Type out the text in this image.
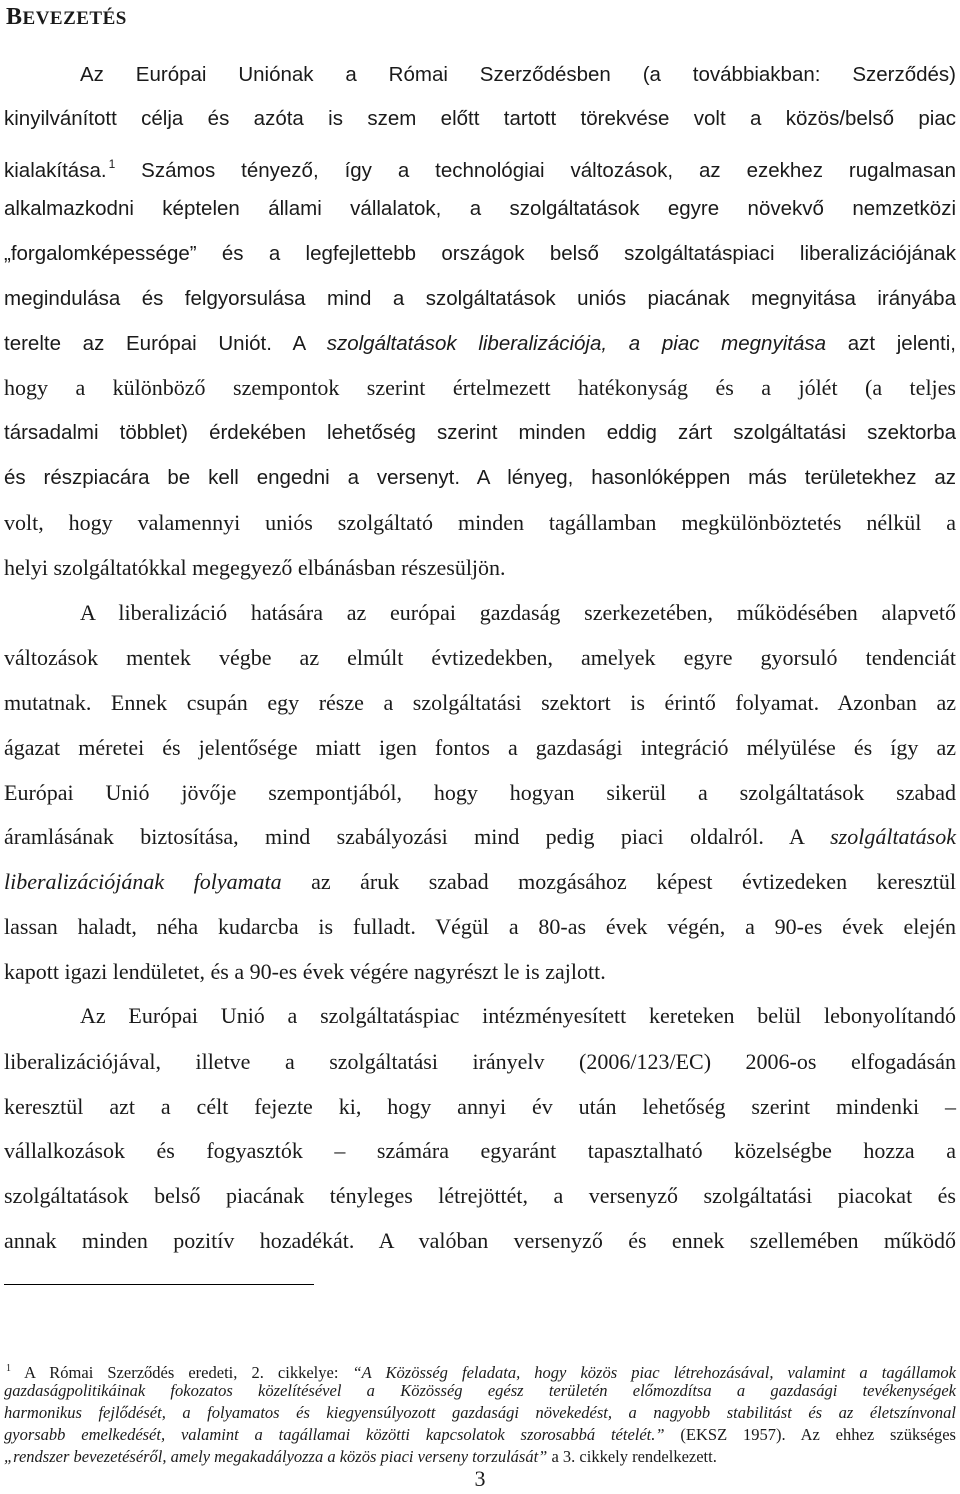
BEVEZETÉS
Az Európai Uniónak a Római Szerződésben (a továbbiakban: Szerződés)
kinyilvánított célja és azóta is szem előtt tartott törekvése volt a közös/belső piac
kialakítása. $^1$ Számos tényező, így a technológiai változások, az ezekhez rugalmasan
alkalmazkodni képtelen állami vállalatok, a szolgáltatások egyre növekvő nemzetközi
„forgalomképessége” és a legfejlettebb országok belső szolgáltatáspiaci liberalizációjának
megindulása és felgyorsulása mind a szolgáltatások uniós piacának megnyitása irányába
terelte az Európai Uniót. A szolgáltatások liberalizációja, a piac megnyitása azt jelenti,
hogy a különböző szempontok szerint értelmezett hatékonyság és a jólét (a teljes
társadalmi többlet) érdekében lehetőség szerint minden eddig zárt szolgáltatási szektorba
és részpiacára be kell engedni a versenyt. A lényeg, hasonlóképpen más területekhez az
volt, hogy valamennyi uniós szolgáltató minden tagállamban megkülönböztetés nélkül a
helyi szolgáltatókkal megegyező elbánásban részesüljön.
A liberalizáció hatására az európai gazdaság szerkezetében, működésében alapvető
változások mentek végbe az elmúlt évtizedekben, amelyek egyre gyorsuló tendenciát
mutatnak. Ennek csupán egy része a szolgáltatási szektort is érintő folyamat. Azonban az
ágazat méretei és jelentősége miatt igen fontos a gazdasági integráció mélyülése és így az
Európai Unió jövője szempontjából, hogy hogyan sikerül a szolgáltatások szabad
áramlásának biztosítása, mind szabályozási mind pedig piaci oldalról. A szolgáltatások
liberalizációjának folyamata az áruk szabad mozgásához képest évtizedeken keresztül
lassan haladt, néha kudarcba is fulladt. Végül a 80-as évek végén, a 90-es évek elején
kapott igazi lendületet, és a 90-es évek végére nagyrészt le is zajlott.
Az Európai Unió a szolgáltatáspiac intézményesített kereteken belül lebonyolítandó
liberalizációjával, illetve a szolgáltatási irányelv (2006/123/EC) 2006-os elfogadásán
keresztül azt a célt fejezte ki, hogy annyi év után lehetőség szerint mindenki –
vállalkozások és fogyasztók – számára egyaránt tapasztalható közelségbe hozza a
szolgáltatások belső piacának tényleges létrejöttét, a versenyző szolgáltatási piacokat és
annak minden pozitív hozadékát. A valóban versenyző és ennek szellemében működő
$^1$ A Római Szerződés eredeti, 2. cikkelye: “A Közösség feladata, hogy közös piac létrehozásával, valamint a tagállamok
gazdaságpolitikáinak fokozatos közelítésével a Közösség egész területén előmozdítsa a gazdasági tevékenységek
harmonikus fejlődését, a folyamatos és kiegyensúlyozott gazdasági növekedést, a nagyobb stabilitást és az életszínvonal
gyorsabb emelkedését, valamint a tagállamai közötti kapcsolatok szorosabbá tételét.” (EKSZ 1957). Az ehhez szükséges
„rendszer bevezetéséről, amely megakadályozza a közös piaci verseny torzulását” a 3. cikkely rendelkezett.
3
